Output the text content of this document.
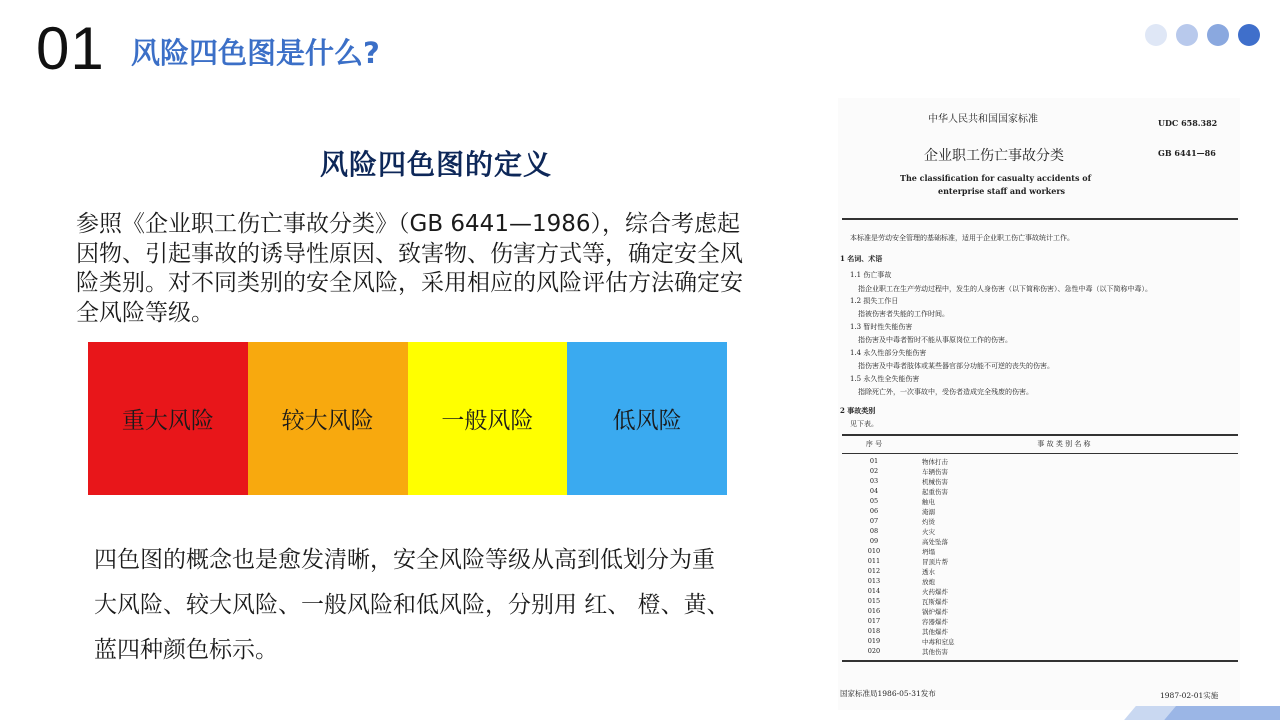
01 风险四色图是什么?
风险四色图的定义
参照《企业职工伤亡事故分类》（GB 6441—1986），综合考虑起因物、引起事故的诱导性原因、致害物、伤害方式等，确定安全风险类别。对不同类别的安全风险，采用相应的风险评估方法确定安全风险等级。
重大风险	较大风险	一般风险	低风险
四色图的概念也是愈发清晰，安全风险等级从高到低划分为重大风险、较大风险、一般风险和低风险，分别用 红、 橙、黄、 蓝四种颜色标示。
中华人民共和国国家标准	UDC 658.382
企业职工伤亡事故分类	GB 6441—86
The classification for casualty accidents of
enterprise staff and workers
本标准是劳动安全管理的基础标准，适用于企业职工伤亡事故统计工作。
1 名词、术语
1.1 伤亡事故
指企业职工在生产劳动过程中，发生的人身伤害（以下简称伤害）、急性中毒（以下简称中毒）。
1.2 损失工作日
指被伤害者失能的工作时间。
1.3 暂时性失能伤害
指伤害及中毒者暂时不能从事原岗位工作的伤害。
1.4 永久性部分失能伤害
指伤害及中毒者肢体或某些器官部分功能不可逆的丧失的伤害。
1.5 永久性全失能伤害
指除死亡外，一次事故中，受伤者造成完全残废的伤害。
2 事故类别
见下表。
序 号	事 故 类 别 名 称
01	物体打击
02	车辆伤害
03	机械伤害
04	起重伤害
05	触电
06	淹溺
07	灼烫
08	火灾
09	高处坠落
010	坍塌
011	冒顶片帮
012	透水
013	放炮
014	火药爆炸
015	瓦斯爆炸
016	锅炉爆炸
017	容器爆炸
018	其他爆炸
019	中毒和窒息
020	其他伤害
国家标准局1986-05-31发布	1987-02-01实施
